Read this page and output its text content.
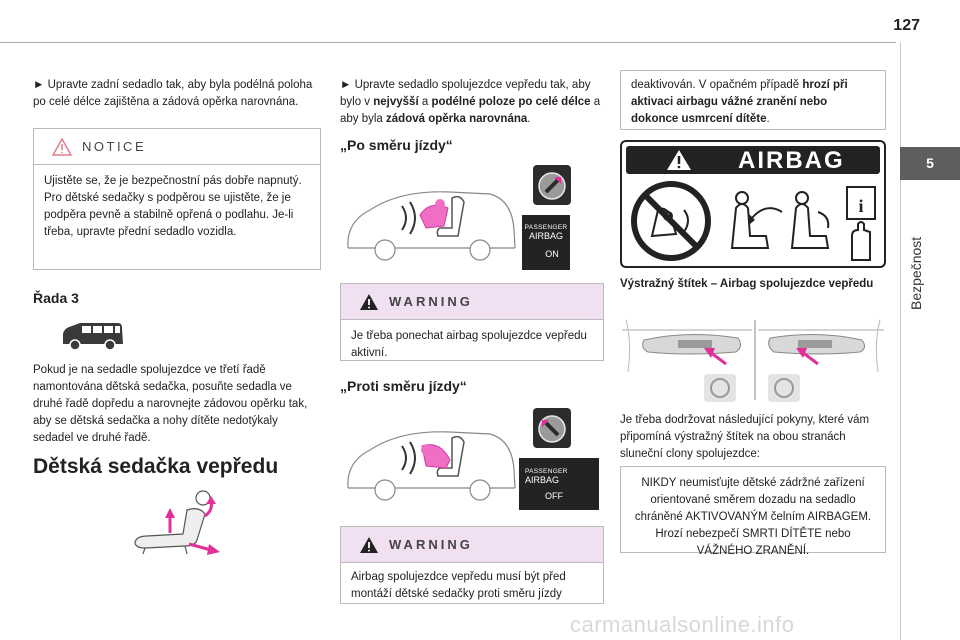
127
5
Bezpečnost

► Upravte zadní sedadlo tak, aby byla podélná poloha po celé délce zajištěna a zádová opěrka narovnána.

NOTICE
Ujistěte se, že je bezpečnostní pás dobře napnutý. Pro dětské sedačky s podpěrou se ujistěte, že je podpěra pevně a stabilně opřená o podlahu. Je-li třeba, upravte přední sedadlo vozidla.
Řada 3

Pokud je na sedadle spolujezdce ve třetí řadě namontována dětská sedačka, posuňte sedadla ve druhé řadě dopředu a narovnejte zádovou opěrku tak, aby se dětská sedačka a nohy dítěte nedotýkaly sedadel ve druhé řadě.

Dětská sedačka vepředu

► Upravte sedadlo spolujezdce vepředu tak, aby bylo v nejvyšší a podélné poloze po celé délce a aby byla zádová opěrka narovnána.

„Po směru jízdy“
PASSENGER
AIRBAG
ON
WARNING
Je třeba ponechat airbag spolujezdce vepředu aktivní.
„Proti směru jízdy“
PASSENGER
AIRBAG
OFF
WARNING
Airbag spolujezdce vepředu musí být před montáží dětské sedačky proti směru jízdy
deaktivován. V opačném případě hrozí při aktivaci airbagu vážné zranění nebo dokonce usmrcení dítěte.
AIRBAG
i
Výstražný štítek – Airbag spolujezdce vepředu

Je třeba dodržovat následující pokyny, které vám připomíná výstražný štítek na obou stranách sluneční clony spolujezdce:

NIKDY neumisťujte dětské zádržné zařízení orientované směrem dozadu na sedadlo chráněné AKTIVOVANÝM čelním AIRBAGEM. Hrozí nebezpečí SMRTI DÍTĚTE nebo VÁŽNÉHO ZRANĚNÍ.
carmanualsonline.info
